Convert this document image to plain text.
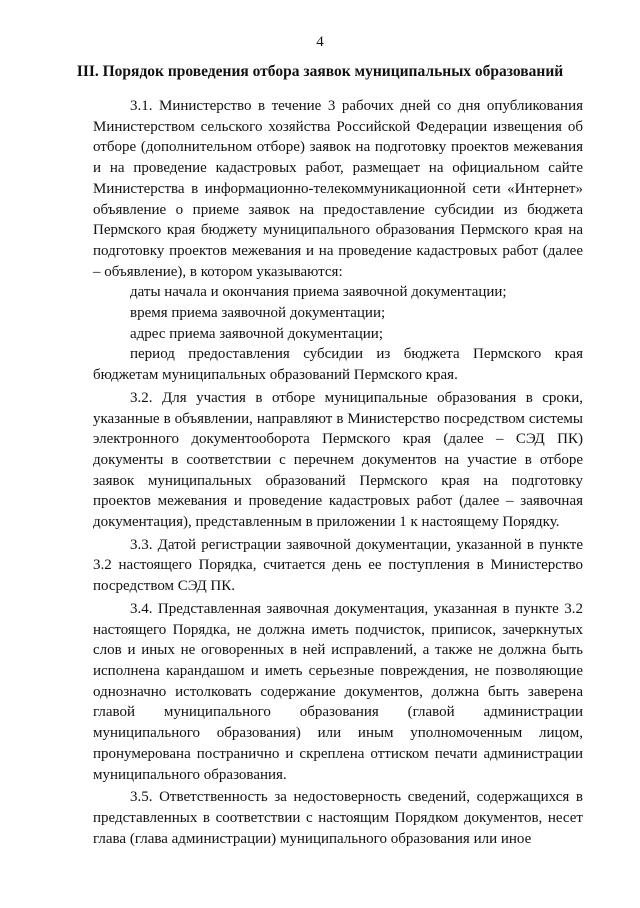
4
III. Порядок проведения отбора заявок муниципальных образований

3.1. Министерство в течение 3 рабочих дней со дня опубликования Министерством сельского хозяйства Российской Федерации извещения об отборе (дополнительном отборе) заявок на подготовку проектов межевания и на проведение кадастровых работ, размещает на официальном сайте Министерства в информационно-телекоммуникационной сети «Интернет» объявление о приеме заявок на предоставление субсидии из бюджета Пермского края бюджету муниципального образования Пермского края на подготовку проектов межевания и на проведение кадастровых работ (далее – объявление), в котором указываются:

даты начала и окончания приема заявочной документации;

время приема заявочной документации;

адрес приема заявочной документации;

период предоставления субсидии из бюджета Пермского края бюджетам муниципальных образований Пермского края.

3.2. Для участия в отборе муниципальные образования в сроки, указанные в объявлении, направляют в Министерство посредством системы электронного документооборота Пермского края (далее – СЭД ПК) документы в соответствии с перечнем документов на участие в отборе заявок муниципальных образований Пермского края на подготовку проектов межевания и проведение кадастровых работ (далее – заявочная документация), представленным в приложении 1 к настоящему Порядку.

3.3. Датой регистрации заявочной документации, указанной в пункте 3.2 настоящего Порядка, считается день ее поступления в Министерство посредством СЭД ПК.

3.4. Представленная заявочная документация, указанная в пункте 3.2 настоящего Порядка, не должна иметь подчисток, приписок, зачеркнутых слов и иных не оговоренных в ней исправлений, а также не должна быть исполнена карандашом и иметь серьезные повреждения, не позволяющие однозначно истолковать содержание документов, должна быть заверена главой муниципального образования (главой администрации муниципального образования) или иным уполномоченным лицом, пронумерована постранично и скреплена оттиском печати администрации муниципального образования.

3.5. Ответственность за недостоверность сведений, содержащихся в представленных в соответствии с настоящим Порядком документов, несет глава (глава администрации) муниципального образования или иное
